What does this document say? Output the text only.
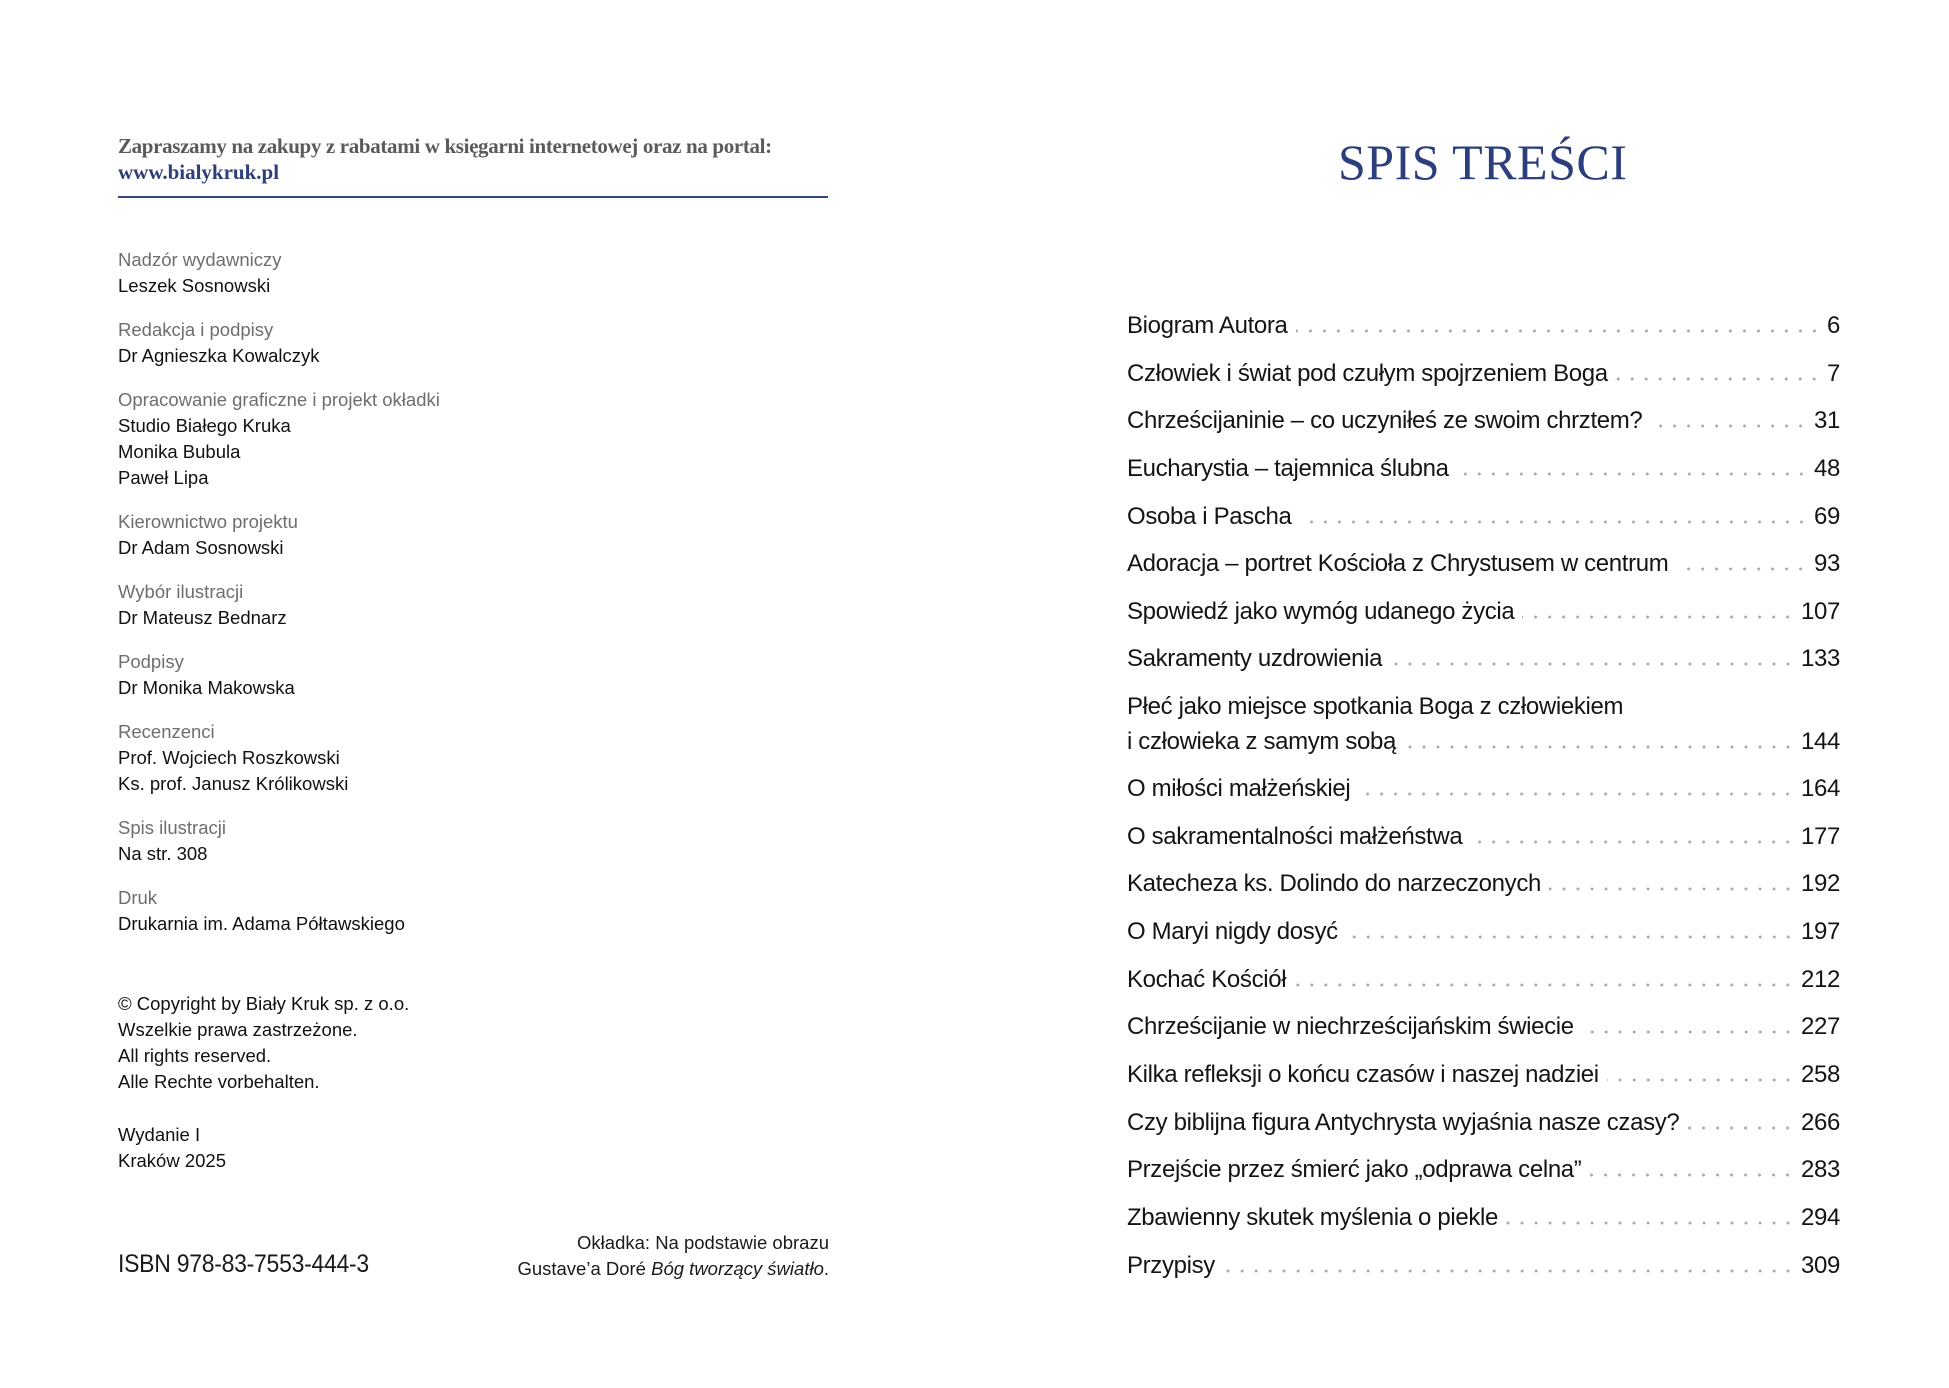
Zapraszamy na zakupy z rabatami w księgarni internetowej oraz na portal:
www.bialykruk.pl
Nadzór wydawniczy
Leszek Sosnowski
Redakcja i podpisy
Dr Agnieszka Kowalczyk
Opracowanie graficzne i projekt okładki
Studio Białego Kruka
Monika Bubula
Paweł Lipa
Kierownictwo projektu
Dr Adam Sosnowski
Wybór ilustracji
Dr Mateusz Bednarz
Podpisy
Dr Monika Makowska
Recenzenci
Prof. Wojciech Roszkowski
Ks. prof. Janusz Królikowski
Spis ilustracji
Na str. 308
Druk
Drukarnia im. Adama Półtawskiego
© Copyright by Biały Kruk sp. z o.o.
Wszelkie prawa zastrzeżone.
All rights reserved.
Alle Rechte vorbehalten.
Wydanie I
Kraków 2025
ISBN 978-83-7553-444-3
Okładka: Na podstawie obrazu
Gustave’a Doré Bóg tworzący światło.
SPIS TREŚCI
Biogram Autora	6
Człowiek i świat pod czułym spojrzeniem Boga	7
Chrześcijaninie – co uczyniłeś ze swoim chrztem?	31
Eucharystia – tajemnica ślubna	48
Osoba i Pascha	69
Adoracja – portret Kościoła z Chrystusem w centrum	93
Spowiedź jako wymóg udanego życia	107
Sakramenty uzdrowienia	133
Płeć jako miejsce spotkania Boga z człowiekiem
i człowieka z samym sobą	144
O miłości małżeńskiej	164
O sakramentalności małżeństwa	177
Katecheza ks. Dolindo do narzeczonych	192
O Maryi nigdy dosyć	197
Kochać Kościół	212
Chrześcijanie w niechrześcijańskim świecie	227
Kilka refleksji o końcu czasów i naszej nadziei	258
Czy biblijna figura Antychrysta wyjaśnia nasze czasy?	266
Przejście przez śmierć jako „odprawa celna”	283
Zbawienny skutek myślenia o piekle	294
Przypisy	309
